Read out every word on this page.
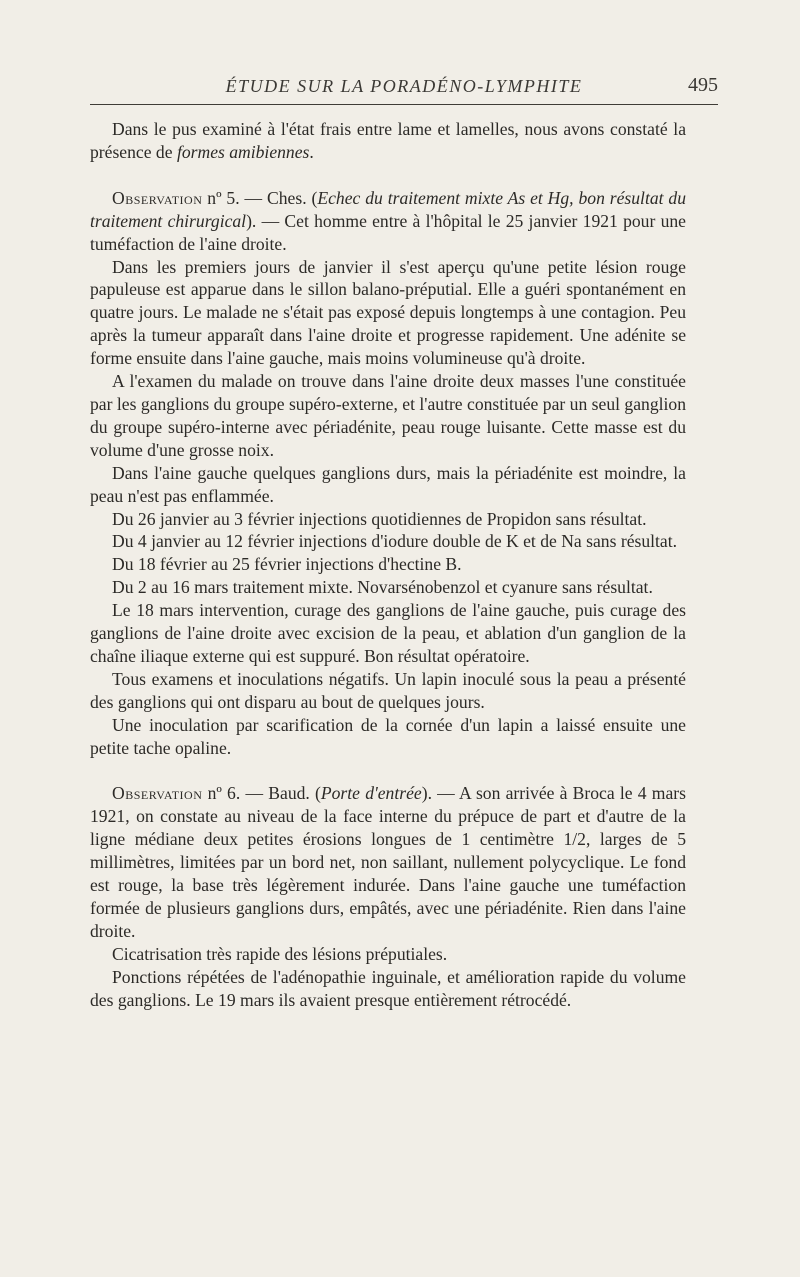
ÉTUDE SUR LA PORADÉNO-LYMPHITE	495

Dans le pus examiné à l'état frais entre lame et lamelles, nous avons constaté la présence de formes amibiennes.

Observation nº 5. — Ches. (Echec du traitement mixte As et Hg, bon résultat du traitement chirurgical). — Cet homme entre à l'hôpital le 25 janvier 1921 pour une tuméfaction de l'aine droite.

Dans les premiers jours de janvier il s'est aperçu qu'une petite lésion rouge papuleuse est apparue dans le sillon balano-préputial. Elle a guéri spontanément en quatre jours. Le malade ne s'était pas exposé depuis longtemps à une contagion. Peu après la tumeur apparaît dans l'aine droite et progresse rapidement. Une adénite se forme ensuite dans l'aine gauche, mais moins volumineuse qu'à droite.

A l'examen du malade on trouve dans l'aine droite deux masses l'une constituée par les ganglions du groupe supéro-externe, et l'autre constituée par un seul ganglion du groupe supéro-interne avec périadénite, peau rouge luisante. Cette masse est du volume d'une grosse noix.

Dans l'aine gauche quelques ganglions durs, mais la périadénite est moindre, la peau n'est pas enflammée.

Du 26 janvier au 3 février injections quotidiennes de Propidon sans résultat.

Du 4 janvier au 12 février injections d'iodure double de K et de Na sans résultat.

Du 18 février au 25 février injections d'hectine B.

Du 2 au 16 mars traitement mixte. Novarsénobenzol et cyanure sans résultat.

Le 18 mars intervention, curage des ganglions de l'aine gauche, puis curage des ganglions de l'aine droite avec excision de la peau, et ablation d'un ganglion de la chaîne iliaque externe qui est suppuré. Bon résultat opératoire.

Tous examens et inoculations négatifs. Un lapin inoculé sous la peau a présenté des ganglions qui ont disparu au bout de quelques jours.

Une inoculation par scarification de la cornée d'un lapin a laissé ensuite une petite tache opaline.

Observation nº 6. — Baud. (Porte d'entrée). — A son arrivée à Broca le 4 mars 1921, on constate au niveau de la face interne du prépuce de part et d'autre de la ligne médiane deux petites érosions longues de 1 centimètre 1/2, larges de 5 millimètres, limitées par un bord net, non saillant, nullement polycyclique. Le fond est rouge, la base très légèrement indurée. Dans l'aine gauche une tuméfaction formée de plusieurs ganglions durs, empâtés, avec une périadénite. Rien dans l'aine droite.

Cicatrisation très rapide des lésions préputiales.

Ponctions répétées de l'adénopathie inguinale, et amélioration rapide du volume des ganglions. Le 19 mars ils avaient presque entièrement rétrocédé.
